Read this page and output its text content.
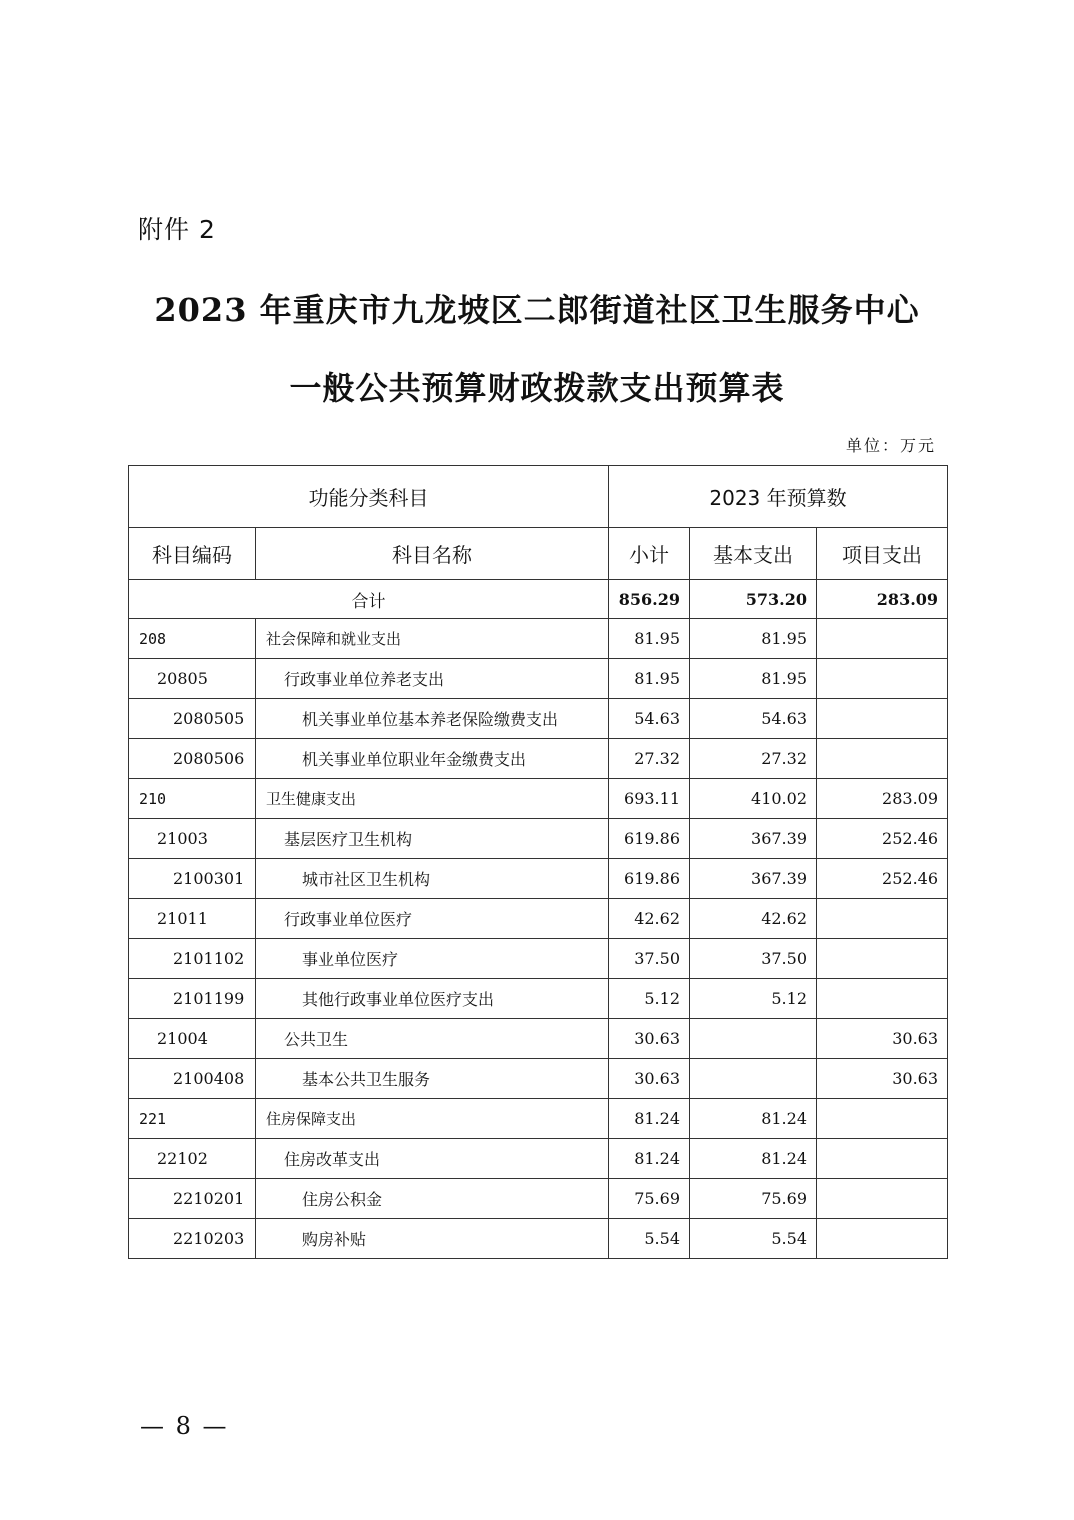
附件 2
2023 年重庆市九龙坡区二郎街道社区卫生服务中心
一般公共预算财政拨款支出预算表
单位：万元
功能分类科目		2023 年预算数		
科目编码	科目名称	小计	基本支出	项目支出
合计		856.29	573.20	283.09
208	社会保障和就业支出	81.95	81.95	
20805	行政事业单位养老支出	81.95	81.95	
2080505	机关事业单位基本养老保险缴费支出	54.63	54.63	
2080506	机关事业单位职业年金缴费支出	27.32	27.32	
210	卫生健康支出	693.11	410.02	283.09
21003	基层医疗卫生机构	619.86	367.39	252.46
2100301	城市社区卫生机构	619.86	367.39	252.46
21011	行政事业单位医疗	42.62	42.62	
2101102	事业单位医疗	37.50	37.50	
2101199	其他行政事业单位医疗支出	5.12	5.12	
21004	公共卫生	30.63		30.63
2100408	基本公共卫生服务	30.63		30.63
221	住房保障支出	81.24	81.24	
22102	住房改革支出	81.24	81.24	
2210201	住房公积金	75.69	75.69	
2210203	购房补贴	5.54	5.54	
— 8 —
